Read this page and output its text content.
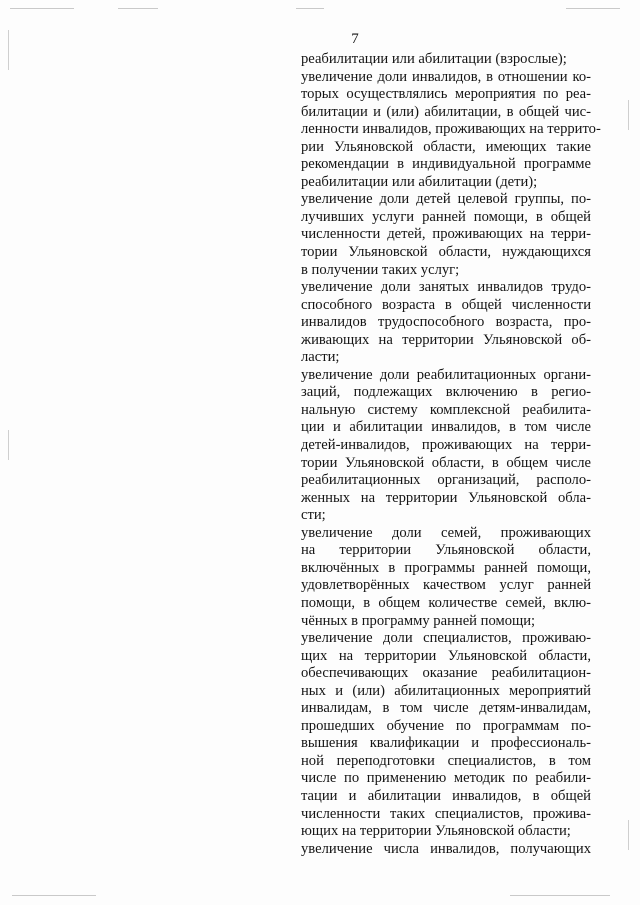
7
реабилитации или абилитации (взрослые);
увеличение доли инвалидов, в отношении ко-
торых осуществлялись мероприятия по реа-
билитации и (или) абилитации, в общей чис-
ленности инвалидов, проживающих на террито-
рии Ульяновской области, имеющих такие
рекомендации в индивидуальной программе
реабилитации или абилитации (дети);
увеличение доли детей целевой группы, по-
лучивших услуги ранней помощи, в общей
численности детей, проживающих на терри-
тории Ульяновской области, нуждающихся
в получении таких услуг;
увеличение доли занятых инвалидов трудо-
способного возраста в общей численности
инвалидов трудоспособного возраста, про-
живающих на территории Ульяновской об-
ласти;
увеличение доли реабилитационных органи-
заций, подлежащих включению в регио-
нальную систему комплексной реабилита-
ции и абилитации инвалидов, в том числе
детей-инвалидов, проживающих на терри-
тории Ульяновской области, в общем числе
реабилитационных организаций, располо-
женных на территории Ульяновской обла-
сти;
увеличение доли семей, проживающих
на территории Ульяновской области,
включённых в программы ранней помощи,
удовлетворённых качеством услуг ранней
помощи, в общем количестве семей, вклю-
чённых в программу ранней помощи;
увеличение доли специалистов, проживаю-
щих на территории Ульяновской области,
обеспечивающих оказание реабилитацион-
ных и (или) абилитационных мероприятий
инвалидам, в том числе детям-инвалидам,
прошедших обучение по программам по-
вышения квалификации и профессиональ-
ной переподготовки специалистов, в том
числе по применению методик по реабили-
тации и абилитации инвалидов, в общей
численности таких специалистов, прожива-
ющих на территории Ульяновской области;
увеличение числа инвалидов, получающих
